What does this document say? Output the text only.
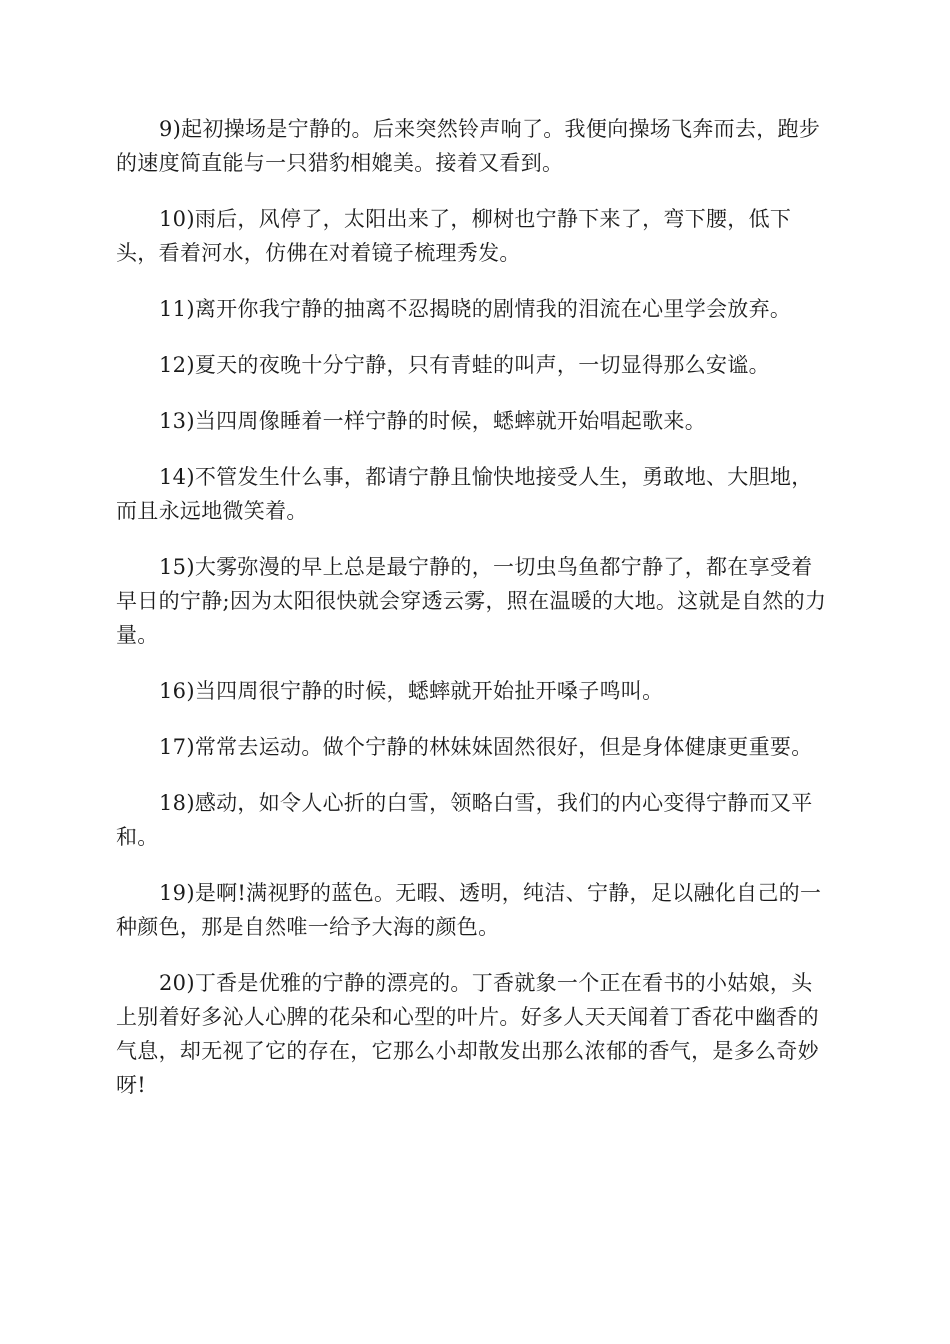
9)起初操场是宁静的。后来突然铃声响了。我便向操场飞奔而去，跑步的速度简直能与一只猎豹相媲美。接着又看到。

10)雨后，风停了，太阳出来了，柳树也宁静下来了，弯下腰，低下头，看着河水，仿佛在对着镜子梳理秀发。

11)离开你我宁静的抽离不忍揭晓的剧情我的泪流在心里学会放弃。

12)夏天的夜晚十分宁静，只有青蛙的叫声，一切显得那么安谧。

13)当四周像睡着一样宁静的时候，蟋蟀就开始唱起歌来。

14)不管发生什么事，都请宁静且愉快地接受人生，勇敢地、大胆地，而且永远地微笑着。

15)大雾弥漫的早上总是最宁静的，一切虫鸟鱼都宁静了，都在享受着早日的宁静;因为太阳很快就会穿透云雾，照在温暖的大地。这就是自然的力量。

16)当四周很宁静的时候，蟋蟀就开始扯开嗓子鸣叫。

17)常常去运动。做个宁静的林妹妹固然很好，但是身体健康更重要。

18)感动，如令人心折的白雪，领略白雪，我们的内心变得宁静而又平和。

19)是啊!满视野的蓝色。无暇、透明，纯洁、宁静，足以融化自己的一种颜色，那是自然唯一给予大海的颜色。

20)丁香是优雅的宁静的漂亮的。丁香就象一个正在看书的小姑娘，头上别着好多沁人心脾的花朵和心型的叶片。好多人天天闻着丁香花中幽香的气息，却无视了它的存在，它那么小却散发出那么浓郁的香气，是多么奇妙呀!
